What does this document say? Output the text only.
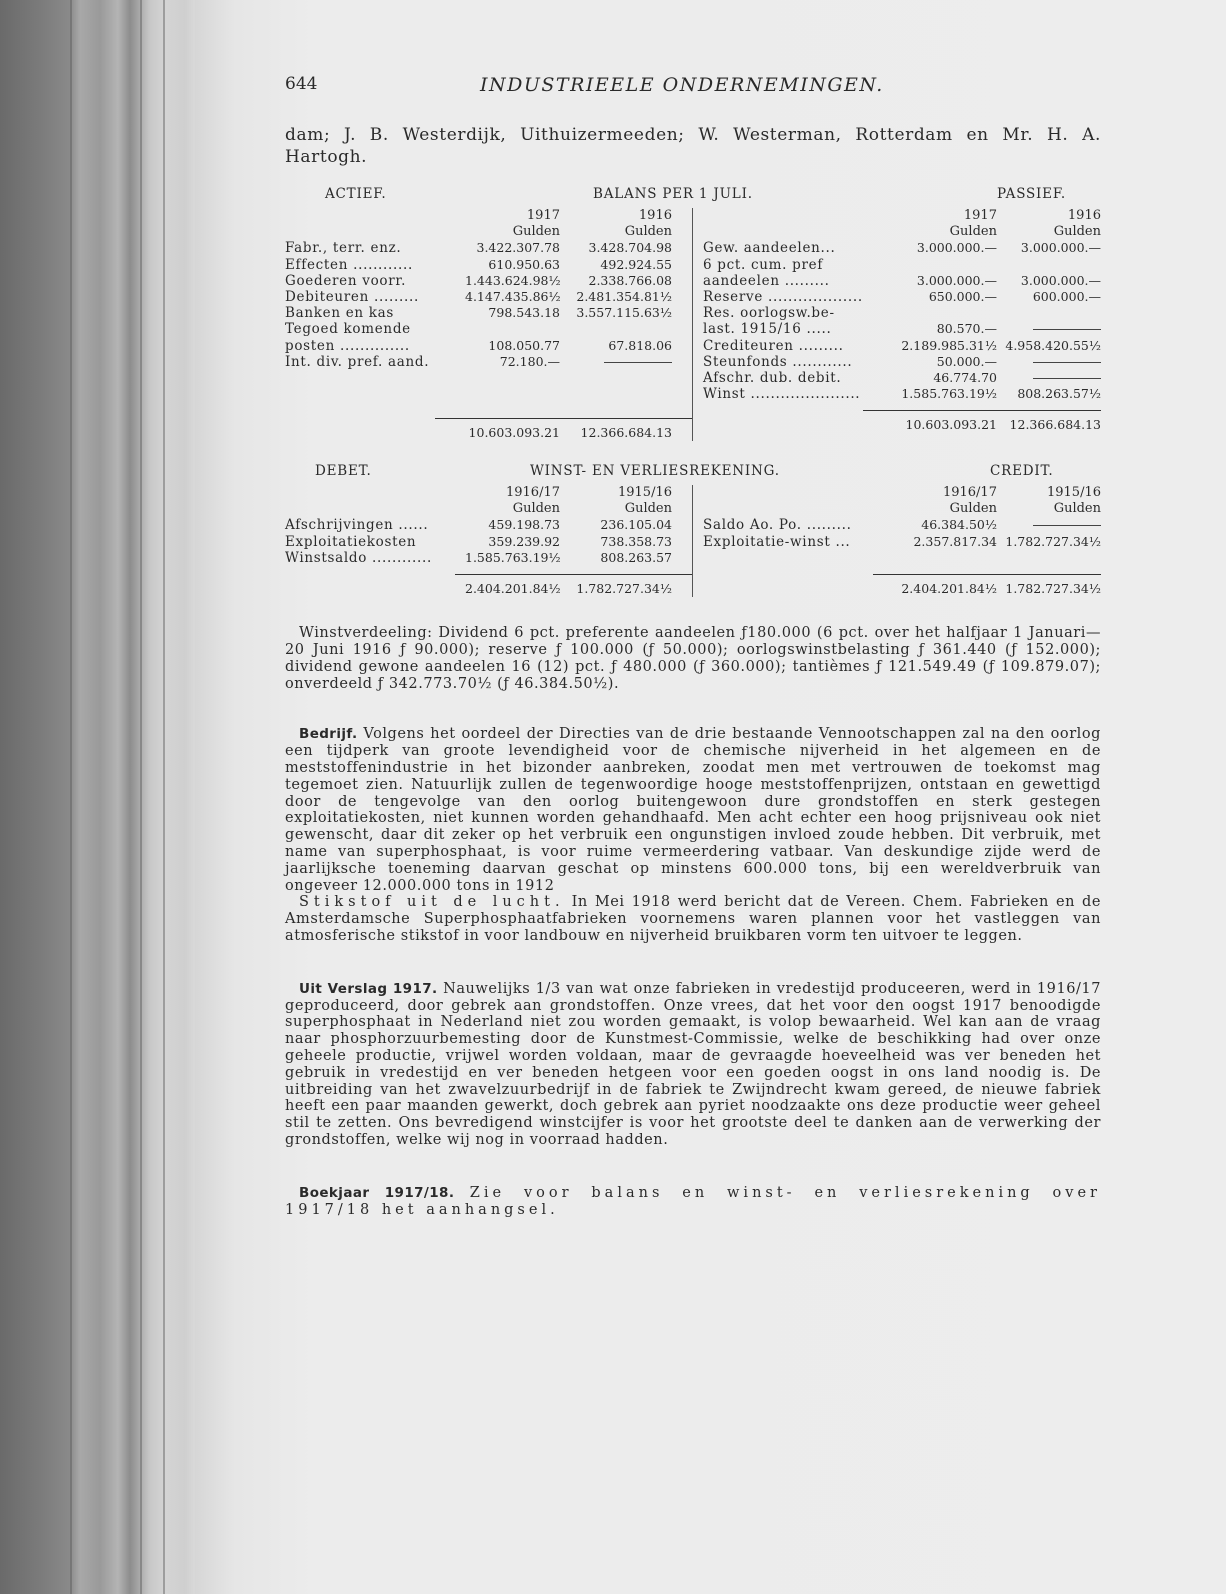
644	INDUSTRIEELE ONDERNEMINGEN.
dam; J. B. Westerdijk, Uithuizermeeden; W. Westerman, Rotterdam en Mr. H. A. Hartogh.
ACTIEF.	BALANS PER 1 JULI.	PASSIEF.
1917	1916
Gulden	Gulden
Fabr., terr. enz.	3.422.307.78	3.428.704.98
Effecten ............	610.950.63	492.924.55
Goederen voorr.	1.443.624.98½	2.338.766.08
Debiteuren .........	4.147.435.86½	2.481.354.81½
Banken en kas	798.543.18	3.557.115.63½
Tegoed komende
posten ..............	108.050.77	67.818.06
Int. div. pref. aand.	72.180.—
10.603.093.21	12.366.684.13
1917	1916
Gulden	Gulden
Gew. aandeelen...	3.000.000.—	3.000.000.—
6 pct. cum. pref
aandeelen .........	3.000.000.—	3.000.000.—
Reserve ...................	650.000.—	600.000.—
Res. oorlogsw.be-
last. 1915/16 .....	80.570.—
Crediteuren .........	2.189.985.31½ 4.958.420.55½
Steunfonds ............	50.000.—
Afschr. dub. debit.	46.774.70
Winst ......................	1.585.763.19½	808.263.57½
10.603.093.21	12.366.684.13
DEBET.	WINST- EN VERLIESREKENING.	CREDIT.
1916/17	1915/16
Gulden	Gulden
Afschrijvingen ......	459.198.73	236.105.04
Exploitatiekosten	359.239.92	738.358.73
Winstsaldo ............	1.585.763.19½	808.263.57
2.404.201.84½	1.782.727.34½
1916/17	1915/16
Gulden	Gulden
Saldo Ao. Po. .........	46.384.50½
Exploitatie-winst ...	2.357.817.34 1.782.727.34½
2.404.201.84½ 1.782.727.34½

Winstverdeeling: Dividend 6 pct. preferente aandeelen ƒ180.000 (6 pct. over het halfjaar 1 Januari—20 Juni 1916 ƒ 90.000); reserve ƒ 100.000 (ƒ 50.000); oorlogswinstbelasting ƒ 361.440 (ƒ 152.000); dividend gewone aandeelen 16 (12) pct. ƒ 480.000 (ƒ 360.000); tantièmes ƒ 121.549.49 (ƒ 109.879.07); onverdeeld ƒ 342.773.70½ (ƒ 46.384.50½).

Bedrijf. Volgens het oordeel der Directies van de drie bestaande Vennootschappen zal na den oorlog een tijdperk van groote levendigheid voor de chemische nijverheid in het algemeen en de meststoffenindustrie in het bizonder aanbreken, zoodat men met vertrouwen de toekomst mag tegemoet zien. Natuurlijk zullen de tegenwoordige hooge meststoffenprijzen, ontstaan en gewettigd door de tengevolge van den oorlog buitengewoon dure grondstoffen en sterk gestegen exploitatiekosten, niet kunnen worden gehandhaafd. Men acht echter een hoog prijsniveau ook niet gewenscht, daar dit zeker op het verbruik een ongunstigen invloed zoude hebben. Dit verbruik, met name van superphosphaat, is voor ruime vermeerdering vatbaar. Van deskundige zijde werd de jaarlijksche toeneming daarvan geschat op minstens 600.000 tons, bij een wereldverbruik van ongeveer 12.000.000 tons in 1912

Stikstof uit de lucht. In Mei 1918 werd bericht dat de Vereen. Chem. Fabrieken en de Amsterdamsche Superphosphaatfabrieken voornemens waren plannen voor het vastleggen van atmosferische stikstof in voor landbouw en nijverheid bruikbaren vorm ten uitvoer te leggen.

Uit Verslag 1917. Nauwelijks 1/3 van wat onze fabrieken in vredestijd produceeren, werd in 1916/17 geproduceerd, door gebrek aan grondstoffen. Onze vrees, dat het voor den oogst 1917 benoodigde superphosphaat in Nederland niet zou worden gemaakt, is volop bewaarheid. Wel kan aan de vraag naar phosphorzuurbemesting door de Kunstmest-Commissie, welke de beschikking had over onze geheele productie, vrijwel worden voldaan, maar de gevraagde hoeveelheid was ver beneden het gebruik in vredestijd en ver beneden hetgeen voor een goeden oogst in ons land noodig is. De uitbreiding van het zwavelzuurbedrijf in de fabriek te Zwijndrecht kwam gereed, de nieuwe fabriek heeft een paar maanden gewerkt, doch gebrek aan pyriet noodzaakte ons deze productie weer geheel stil te zetten. Ons bevredigend winstcijfer is voor het grootste deel te danken aan de verwerking der grondstoffen, welke wij nog in voorraad hadden.

Boekjaar 1917/18. Zie voor balans en winst- en verliesrekening over 1917/18 het aanhangsel.
